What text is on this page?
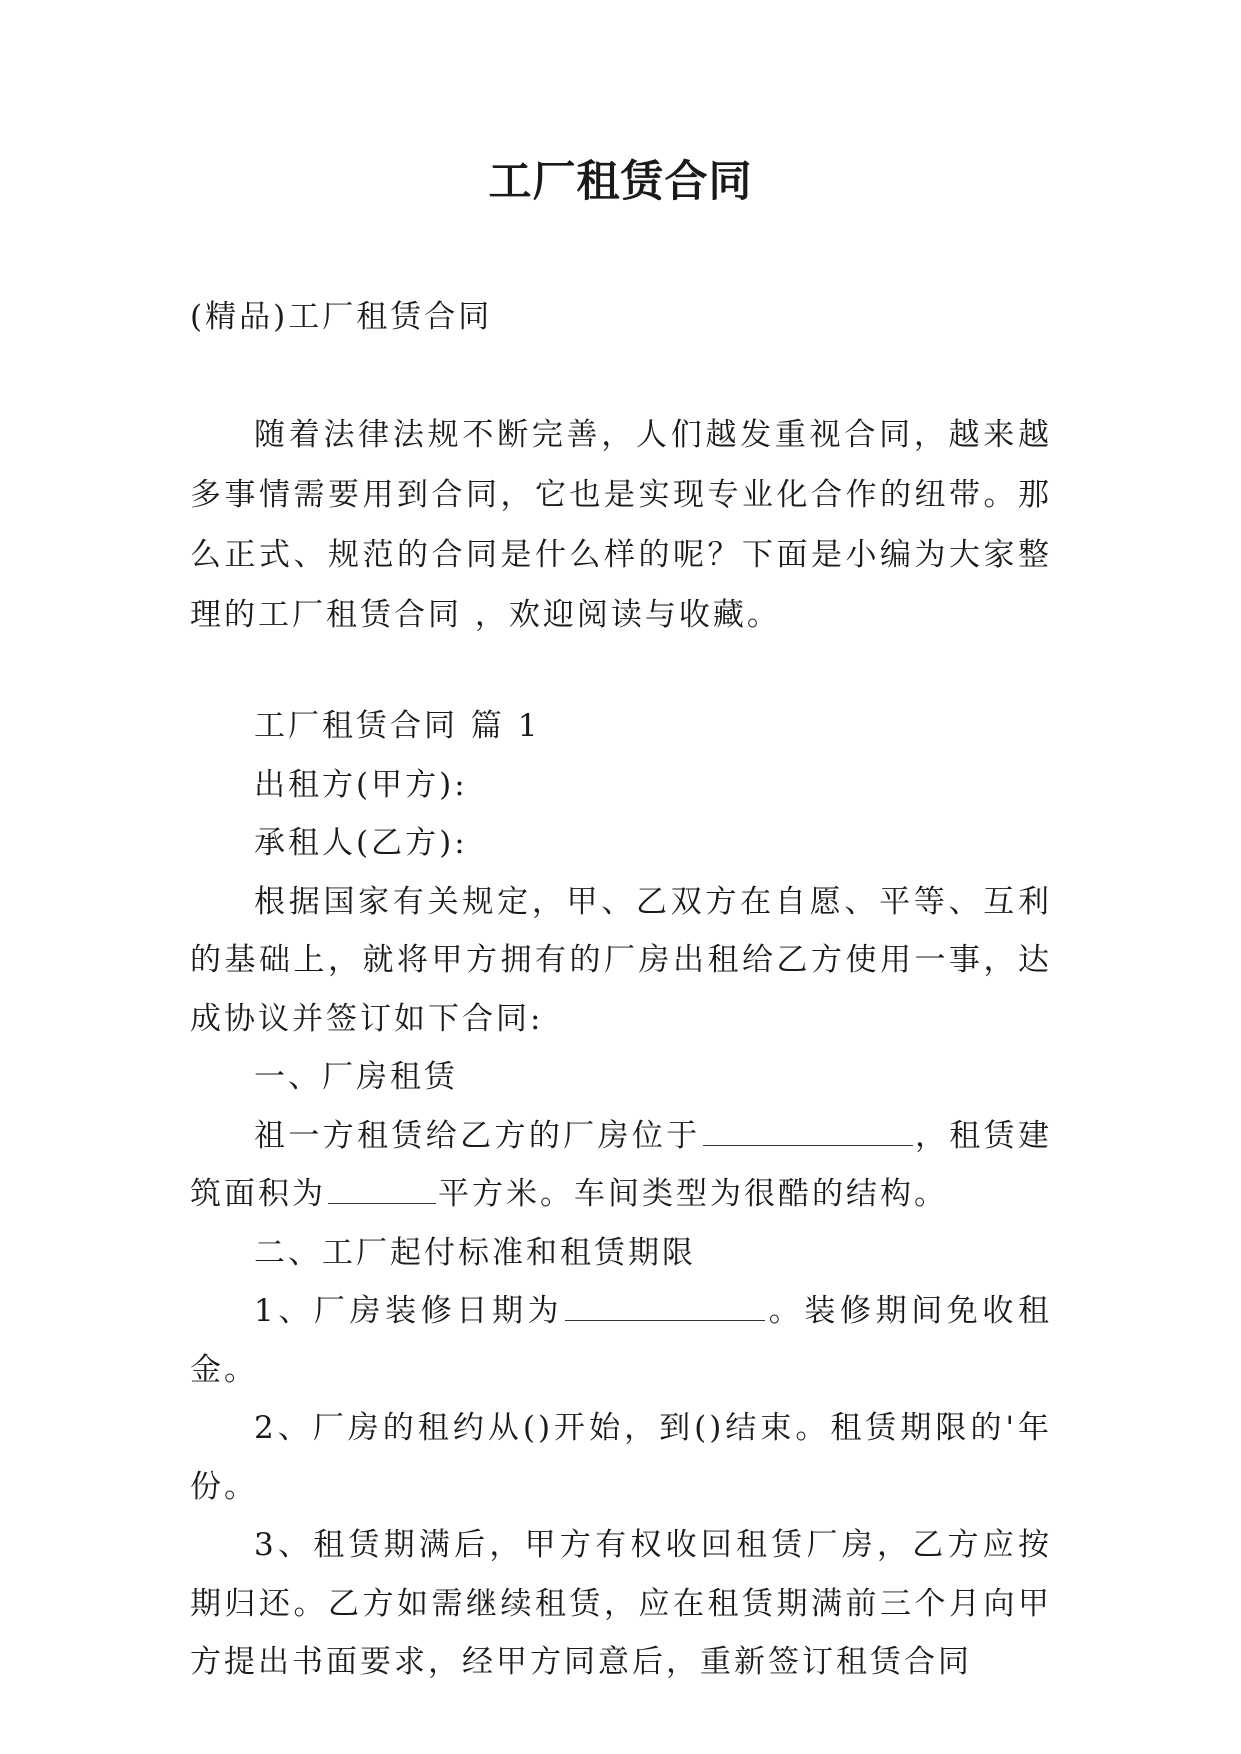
工厂租赁合同

(精品)工厂租赁合同

随着法律法规不断完善，人们越发重视合同，越来越多事情需要用到合同，它也是实现专业化合作的纽带。那么正式、规范的合同是什么样的呢？下面是小编为大家整理的工厂租赁合同 ，欢迎阅读与收藏。

工厂租赁合同 篇 1

出租方(甲方):

承租人(乙方):

根据国家有关规定，甲、乙双方在自愿、平等、互利的基础上，就将甲方拥有的厂房出租给乙方使用一事，达成协议并签订如下合同:

一、厂房租赁

祖一方租赁给乙方的厂房位于	，租赁建筑面积为	平方米。车间类型为很酷的结构。

二、工厂起付标准和租赁期限

1、厂房装修日期为	。装修期间免收租金。

2、厂房的租约从()开始，到()结束。租赁期限的'年份。

3、租赁期满后，甲方有权收回租赁厂房，乙方应按期归还。乙方如需继续租赁，应在租赁期满前三个月向甲方提出书面要求，经甲方同意后，重新签订租赁合同
